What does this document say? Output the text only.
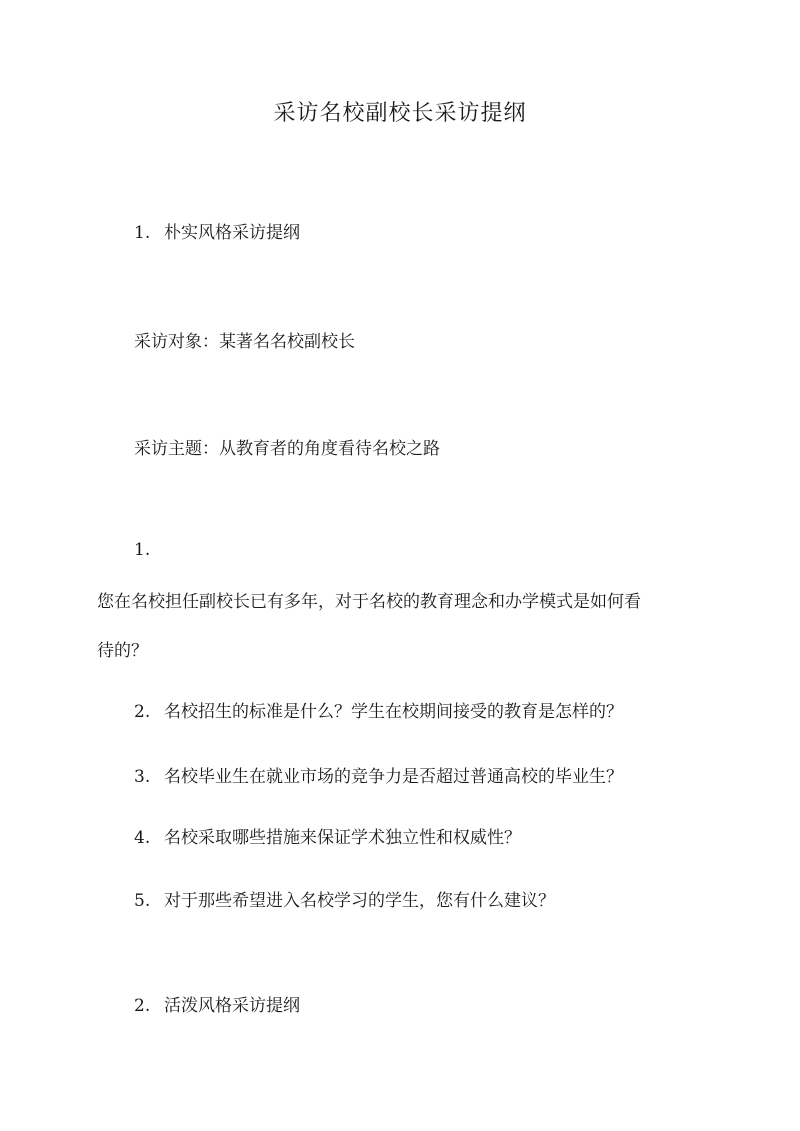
采访名校副校长采访提纲
1. 朴实风格采访提纲
采访对象：某著名名校副校长
采访主题：从教育者的角度看待名校之路
1.
您在名校担任副校长已有多年，对于名校的教育理念和办学模式是如何看
待的？
2. 名校招生的标准是什么？学生在校期间接受的教育是怎样的？
3. 名校毕业生在就业市场的竞争力是否超过普通高校的毕业生？
4. 名校采取哪些措施来保证学术独立性和权威性？
5. 对于那些希望进入名校学习的学生，您有什么建议？
2. 活泼风格采访提纲
